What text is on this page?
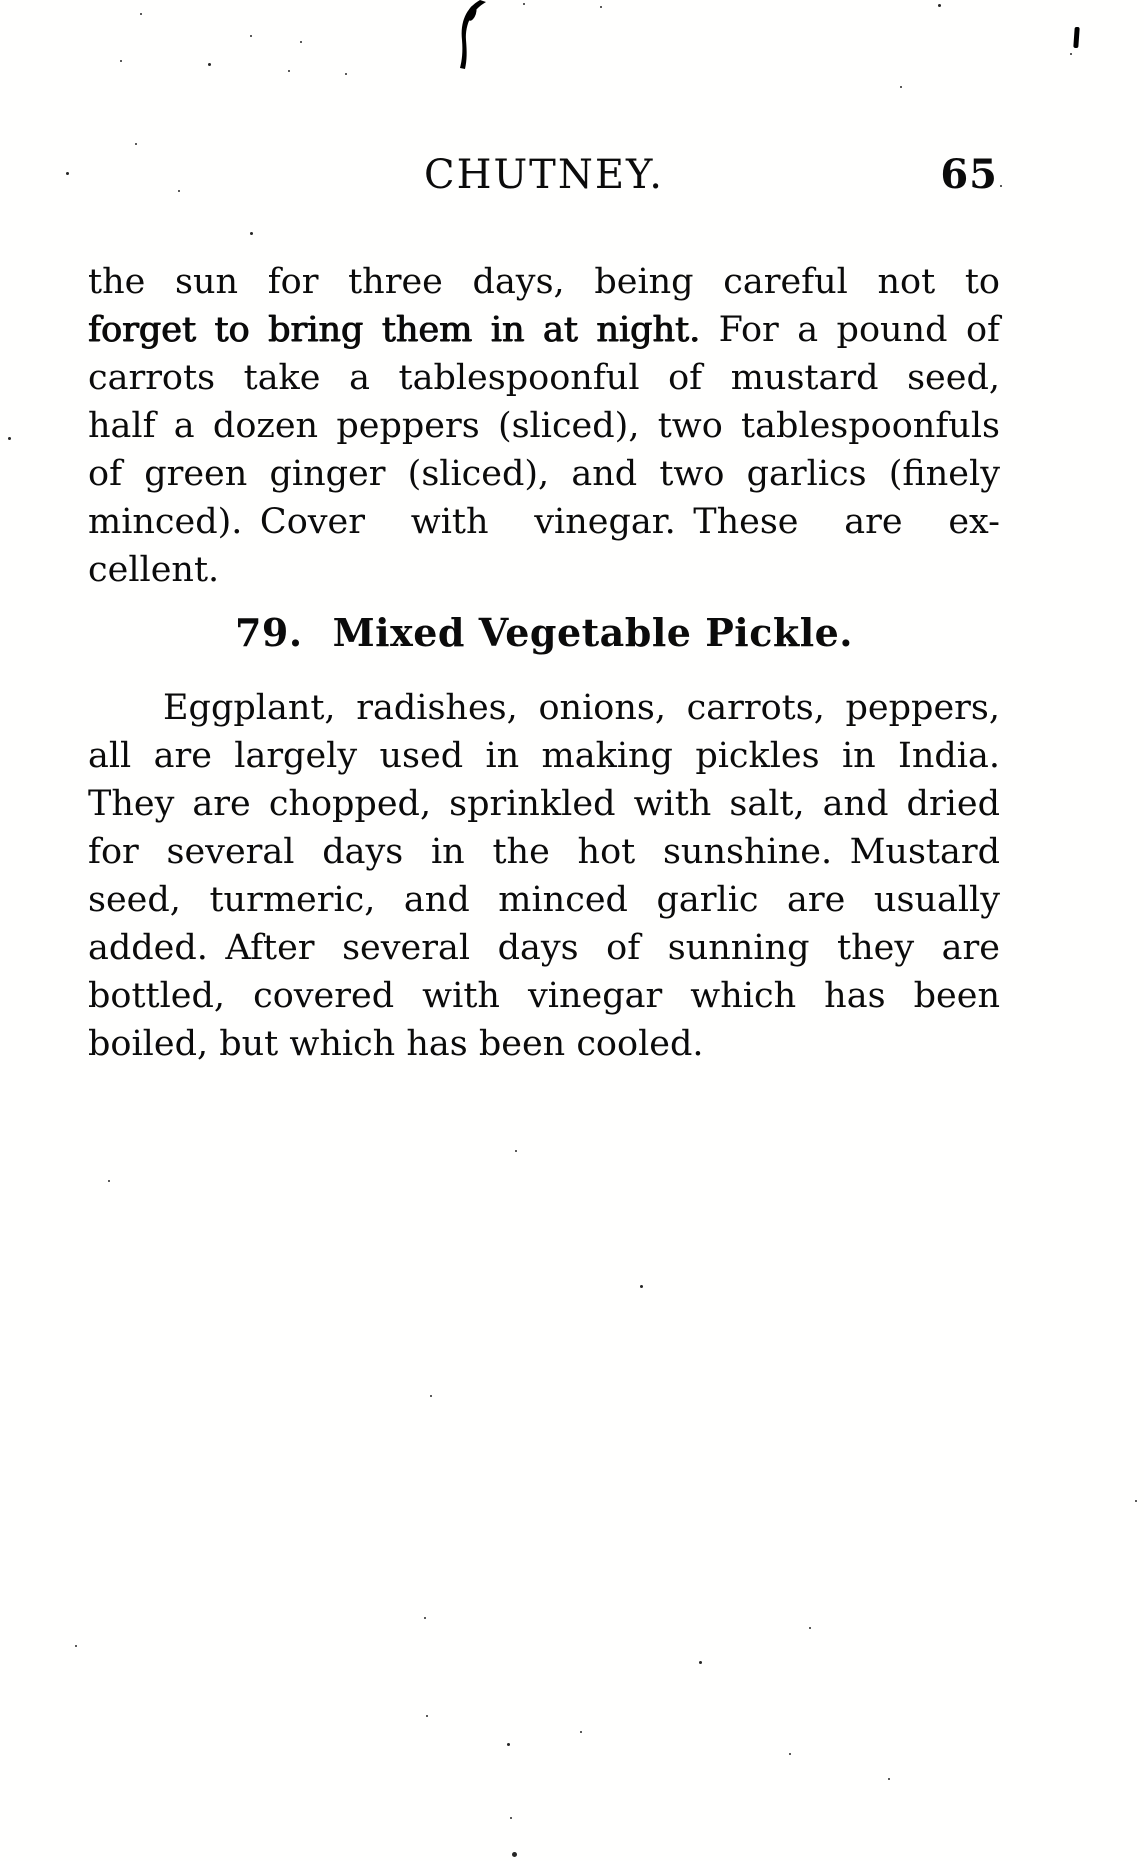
CHUTNEY.	65
the sun for three days, being careful not to
forget to bring them in at night. For a pound of
carrots take a tablespoonful of mustard seed,
half a dozen peppers (sliced), two tablespoonfuls
of green ginger (sliced), and two garlics (finely
minced). Cover with vinegar. These are ex-
cellent.
79. Mixed Vegetable Pickle.
Eggplant, radishes, onions, carrots, peppers,
all are largely used in making pickles in India.
They are chopped, sprinkled with salt, and dried
for several days in the hot sunshine. Mustard
seed, turmeric, and minced garlic are usually
added. After several days of sunning they are
bottled, covered with vinegar which has been
boiled, but which has been cooled.
